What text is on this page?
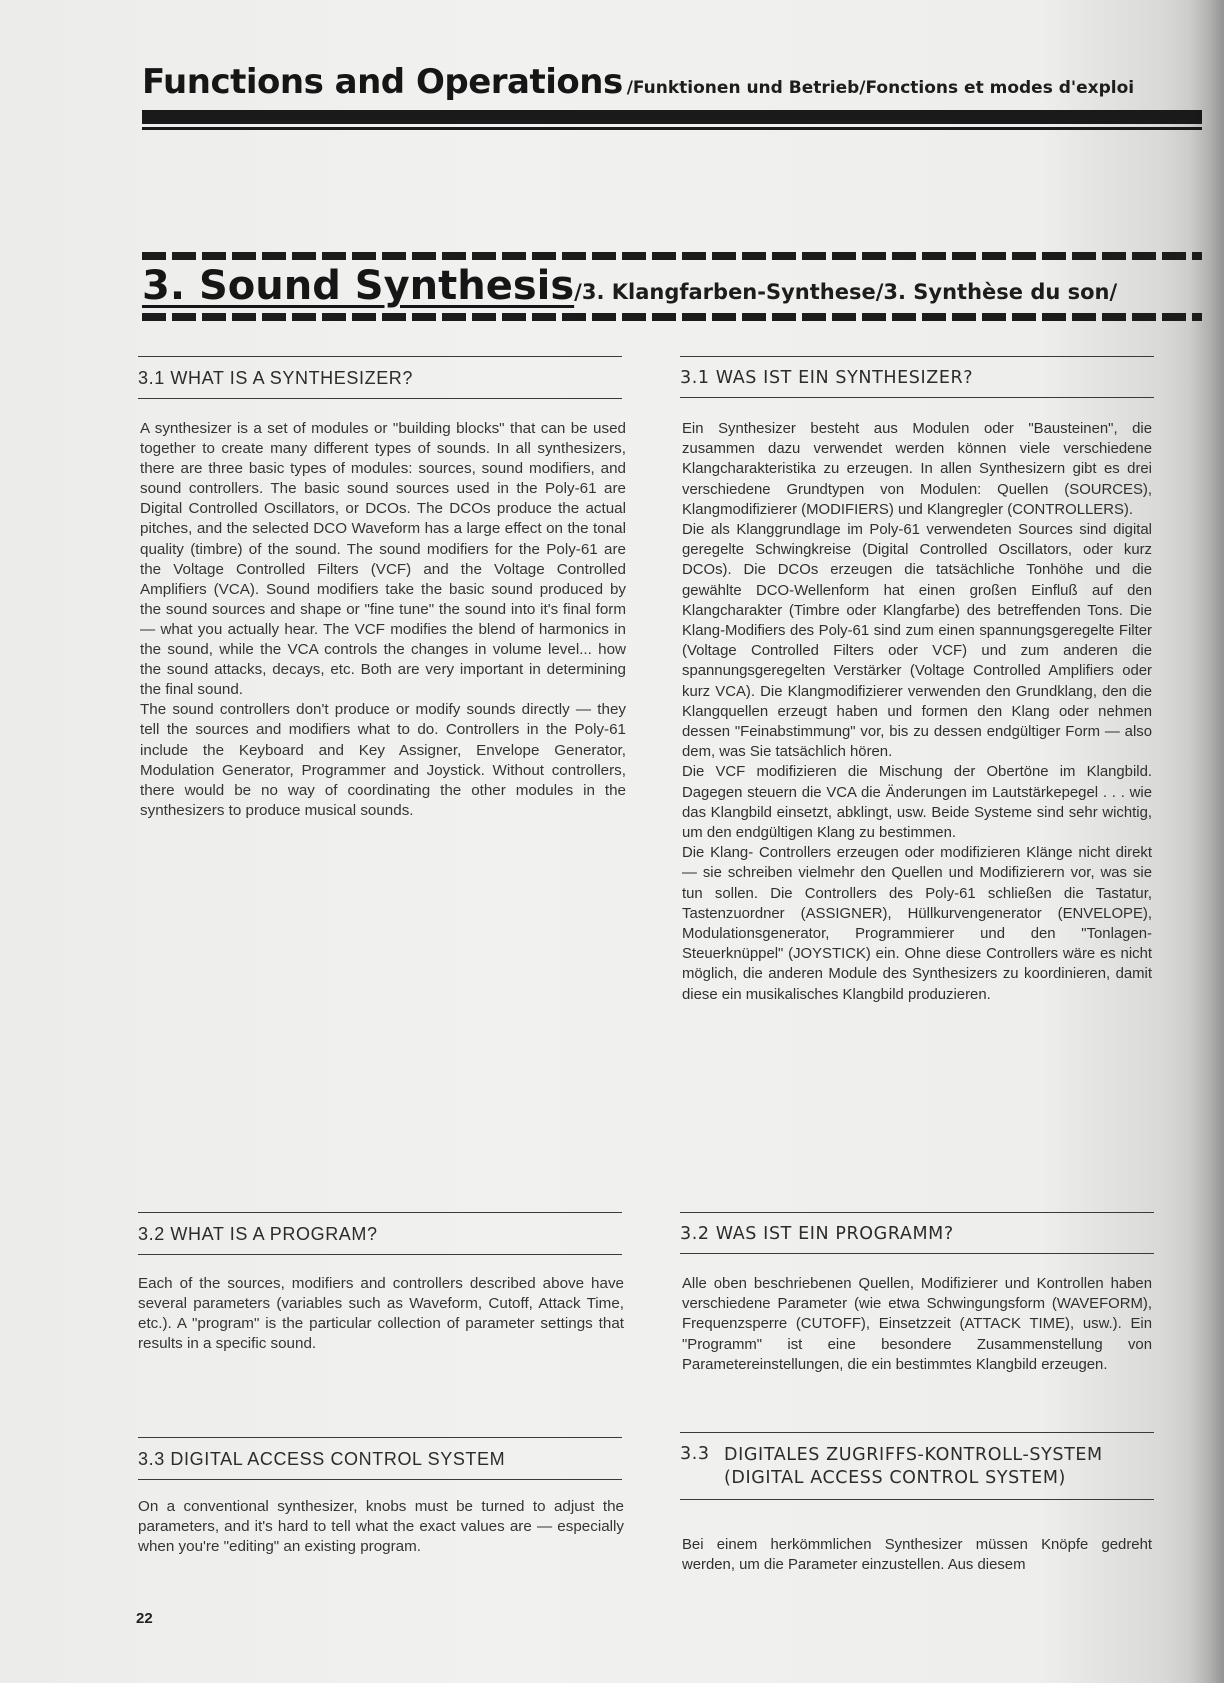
Functions and Operations /Funktionen und Betrieb/Fonctions et modes d'exploi
3. Sound Synthesis/3. Klangfarben-Synthese/3. Synthèse du son/
3.1 WHAT IS A SYNTHESIZER?
A synthesizer is a set of modules or "building blocks" that can be used together to create many different types of sounds. In all synthesizers, there are three basic types of modules: sources, sound modifiers, and sound controllers. The basic sound sources used in the Poly-61 are Digital Controlled Oscillators, or DCOs. The DCOs produce the actual pitches, and the selected DCO Waveform has a large effect on the tonal quality (timbre) of the sound. The sound modifiers for the Poly-61 are the Voltage Controlled Filters (VCF) and the Voltage Controlled Amplifiers (VCA). Sound modifiers take the basic sound produced by the sound sources and shape or "fine tune" the sound into it's final form — what you actually hear. The VCF modifies the blend of harmonics in the sound, while the VCA controls the changes in volume level... how the sound attacks, decays, etc. Both are very important in determining the final sound.
The sound controllers don't produce or modify sounds directly — they tell the sources and modifiers what to do. Controllers in the Poly-61 include the Keyboard and Key Assigner, Envelope Generator, Modulation Generator, Programmer and Joystick. Without controllers, there would be no way of coordinating the other modules in the synthesizers to produce musical sounds.
3.2 WHAT IS A PROGRAM?
Each of the sources, modifiers and controllers described above have several parameters (variables such as Waveform, Cutoff, Attack Time, etc.). A "program" is the particular collection of parameter settings that results in a specific sound.
3.3 DIGITAL ACCESS CONTROL SYSTEM
On a conventional synthesizer, knobs must be turned to adjust the parameters, and it's hard to tell what the exact values are — especially when you're "editing" an existing program.
3.1 WAS IST EIN SYNTHESIZER?
Ein Synthesizer besteht aus Modulen oder "Bausteinen", die zusammen dazu verwendet werden können viele verschiedene Klangcharakteristika zu erzeugen. In allen Synthesizern gibt es drei verschiedene Grundtypen von Modulen: Quellen (SOURCES), Klangmodifizierer (MODIFIERS) und Klangregler (CONTROLLERS).
Die als Klanggrundlage im Poly-61 verwendeten Sources sind digital geregelte Schwingkreise (Digital Controlled Oscillators, oder kurz DCOs). Die DCOs erzeugen die tatsächliche Tonhöhe und die gewählte DCO-Wellenform hat einen großen Einfluß auf den Klangcharakter (Timbre oder Klangfarbe) des betreffenden Tons. Die Klang-Modifiers des Poly-61 sind zum einen spannungsgeregelte Filter (Voltage Controlled Filters oder VCF) und zum anderen die spannungsgeregelten Verstärker (Voltage Controlled Amplifiers oder kurz VCA). Die Klangmodifizierer verwenden den Grundklang, den die Klangquellen erzeugt haben und formen den Klang oder nehmen dessen "Feinabstimmung" vor, bis zu dessen endgültiger Form — also dem, was Sie tatsächlich hören.
Die VCF modifizieren die Mischung der Obertöne im Klangbild. Dagegen steuern die VCA die Änderungen im Lautstärkepegel . . . wie das Klangbild einsetzt, abklingt, usw. Beide Systeme sind sehr wichtig, um den endgültigen Klang zu bestimmen.
Die Klang- Controllers erzeugen oder modifizieren Klänge nicht direkt — sie schreiben vielmehr den Quellen und Modifizierern vor, was sie tun sollen. Die Controllers des Poly-61 schließen die Tastatur, Tastenzuordner (ASSIGNER), Hüllkurvengenerator (ENVELOPE), Modulationsgenerator, Programmierer und den "Tonlagen-Steuerknüppel" (JOYSTICK) ein. Ohne diese Controllers wäre es nicht möglich, die anderen Module des Synthesizers zu koordinieren, damit diese ein musikalisches Klangbild produzieren.
3.2 WAS IST EIN PROGRAMM?
Alle oben beschriebenen Quellen, Modifizierer und Kontrollen haben verschiedene Parameter (wie etwa Schwingungsform (WAVEFORM), Frequenzsperre (CUTOFF), Einsetzzeit (ATTACK TIME), usw.). Ein "Programm" ist eine besondere Zusammenstellung von Parametereinstellungen, die ein bestimmtes Klangbild erzeugen.
3.3 DIGITALES ZUGRIFFS-KONTROLL-SYSTEM (DIGITAL ACCESS CONTROL SYSTEM)
Bei einem herkömmlichen Synthesizer müssen Knöpfe gedreht werden, um die Parameter einzustellen. Aus diesem
22
